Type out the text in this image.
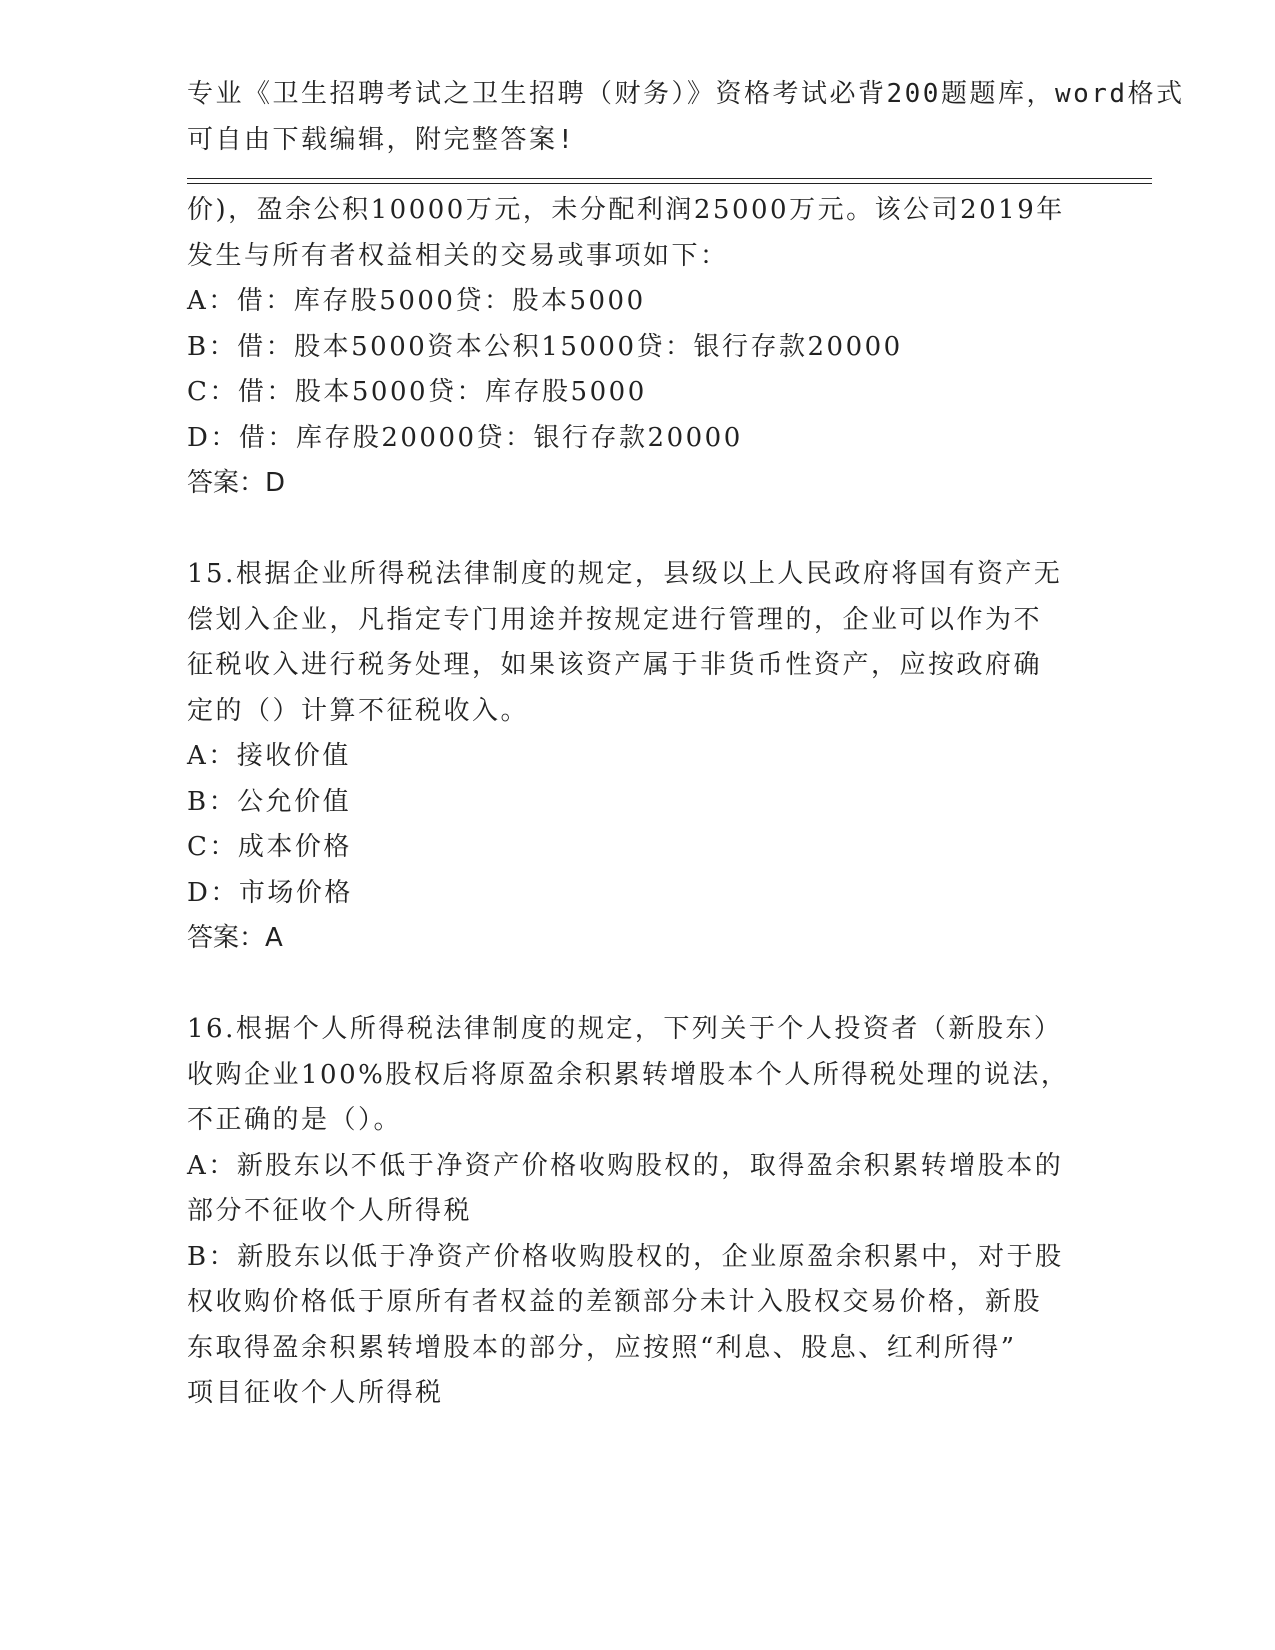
专业《卫生招聘考试之卫生招聘（财务）》资格考试必背200题题库，word格式
可自由下载编辑，附完整答案!
价)，盈余公积10000万元，未分配利润25000万元。该公司2019年
发生与所有者权益相关的交易或事项如下：
A：借：库存股5000贷：股本5000
B：借：股本5000资本公积15000贷：银行存款20000
C：借：股本5000贷：库存股5000
D：借：库存股20000贷：银行存款20000
答案：D
15.根据企业所得税法律制度的规定，县级以上人民政府将国有资产无
偿划入企业，凡指定专门用途并按规定进行管理的，企业可以作为不
征税收入进行税务处理，如果该资产属于非货币性资产，应按政府确
定的（）计算不征税收入。
A：接收价值
B：公允价值
C：成本价格
D：市场价格
答案：A
16.根据个人所得税法律制度的规定，下列关于个人投资者（新股东）
收购企业100%股权后将原盈余积累转增股本个人所得税处理的说法，
不正确的是（）。
A：新股东以不低于净资产价格收购股权的，取得盈余积累转增股本的
部分不征收个人所得税
B：新股东以低于净资产价格收购股权的，企业原盈余积累中，对于股
权收购价格低于原所有者权益的差额部分未计入股权交易价格，新股
东取得盈余积累转增股本的部分，应按照“利息、股息、红利所得”
项目征收个人所得税
